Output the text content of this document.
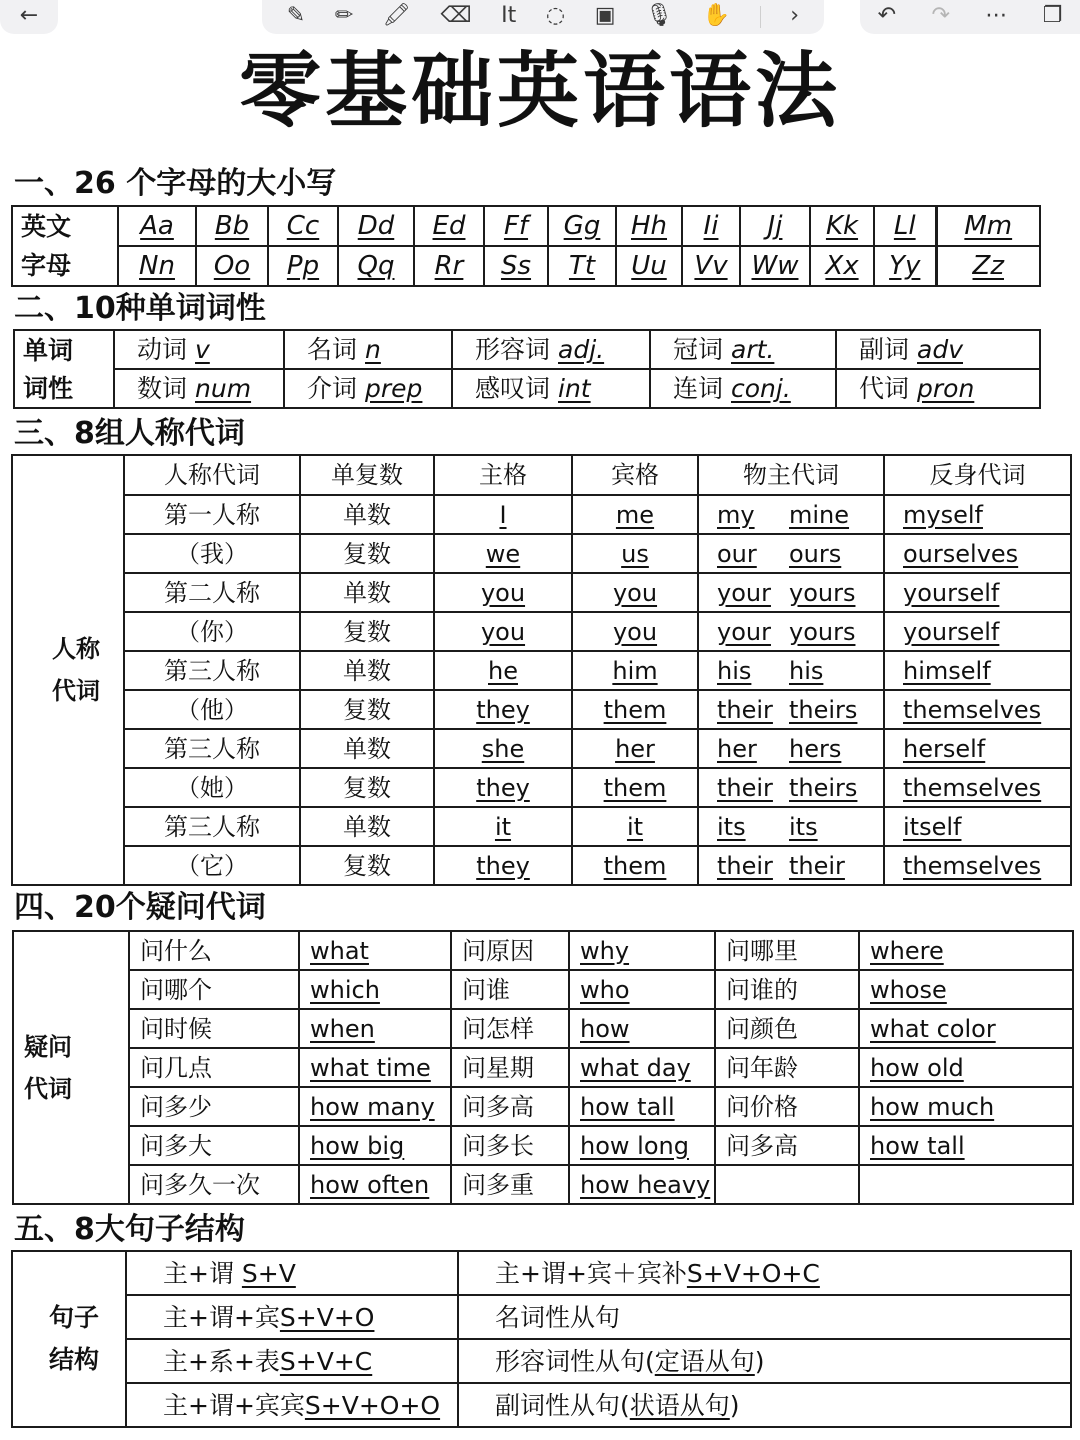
←	✎ ✏ 🖍 ⌫ It ◌ ▣ 🎙 ✋	›	↶ ↷ ⋯ ❐
零基础英语语法
一、26 个字母的大小写
英文	Aa	Bb	Cc	Dd	Ed	Ff	Gg	Hh	Ii	Jj	Kk	Ll	Mm
字母	Nn	Oo	Pp	Qq	Rr	Ss	Tt	Uu	Vv	Ww	Xx	Yy	Zz
二、10种单词词性
单词	动词 v	名词 n	形容词 adj.	冠词 art.	副词 adv
词性	数词 num	介词 prep	感叹词 int	连词 conj.	代词 pron
三、8组人称代词
人称
代词	人称代词	单复数	主格	宾格	物主代词	反身代词
	第一人称	单数	I	me	my mine	myself
	（我）	复数	we	us	our ours	ourselves
	第二人称	单数	you	you	your yours	yourself
	（你）	复数	you	you	your yours	yourself
	第三人称	单数	he	him	his his	himself
	（他）	复数	they	them	their theirs	themselves
	第三人称	单数	she	her	her hers	herself
	（她）	复数	they	them	their theirs	themselves
	第三人称	单数	it	it	its its	itself
	（它）	复数	they	them	their their	themselves
四、20个疑问代词
疑问
代词	问什么	what	问原因	why	问哪里	where
	问哪个	which	问谁	who	问谁的	whose
	问时候	when	问怎样	how	问颜色	what color
	问几点	what time	问星期	what day	问年龄	how old
	问多少	how many	问多高	how tall	问价格	how much
	问多大	how big	问多长	how long	问多高	how tall
	问多久一次	how often	问多重	how heavy		
五、8大句子结构
句子
结构	主+谓 S+V	主+谓+宾＋宾补S+V+O+C
	主+谓+宾S+V+O	名词性从句
	主+系+表S+V+C	形容词性从句(定语从句)
	主+谓+宾宾S+V+O+O	副词性从句(状语从句)
